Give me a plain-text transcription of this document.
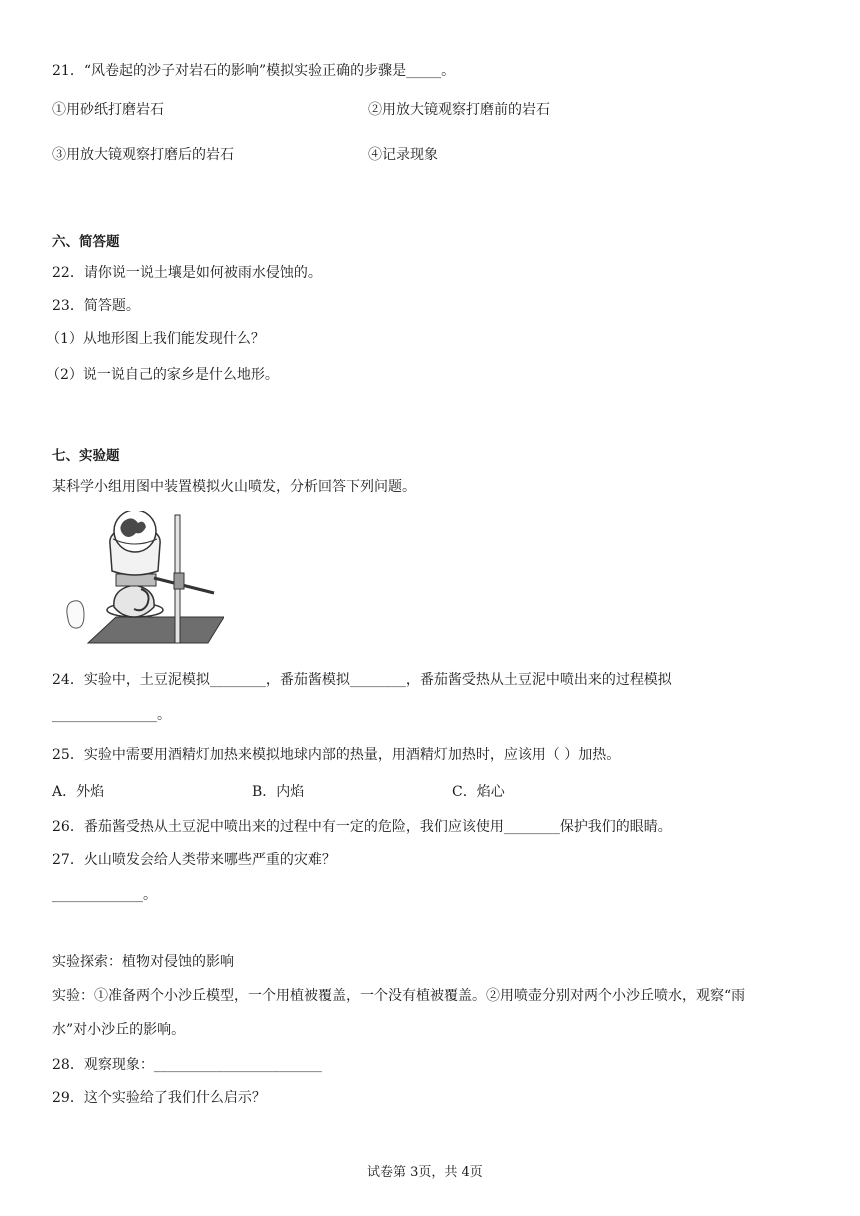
21．“风卷起的沙子对岩石的影响”模拟实验正确的步骤是_____。
①用砂纸打磨岩石	②用放大镜观察打磨前的岩石
③用放大镜观察打磨后的岩石	④记录现象
六、简答题
22．请你说一说土壤是如何被雨水侵蚀的。
23．简答题。
（1）从地形图上我们能发现什么？
（2）说一说自己的家乡是什么地形。
七、实验题
某科学小组用图中装置模拟火山喷发，分析回答下列问题。
24．实验中，土豆泥模拟________，番茄酱模拟________，番茄酱受热从土豆泥中喷出来的过程模拟
_______________。
25．实验中需要用酒精灯加热来模拟地球内部的热量，用酒精灯加热时，应该用（ ）加热。
A．外焰	B．内焰	C．焰心
26．番茄酱受热从土豆泥中喷出来的过程中有一定的危险，我们应该使用________保护我们的眼睛。
27．火山喷发会给人类带来哪些严重的灾难？
_____________。
实验探索：植物对侵蚀的影响
实验：①准备两个小沙丘模型，一个用植被覆盖，一个没有植被覆盖。②用喷壶分别对两个小沙丘喷水，观察“雨
水”对小沙丘的影响。
28．观察现象：________________________
29．这个实验给了我们什么启示？
试卷第 3页，共 4页
